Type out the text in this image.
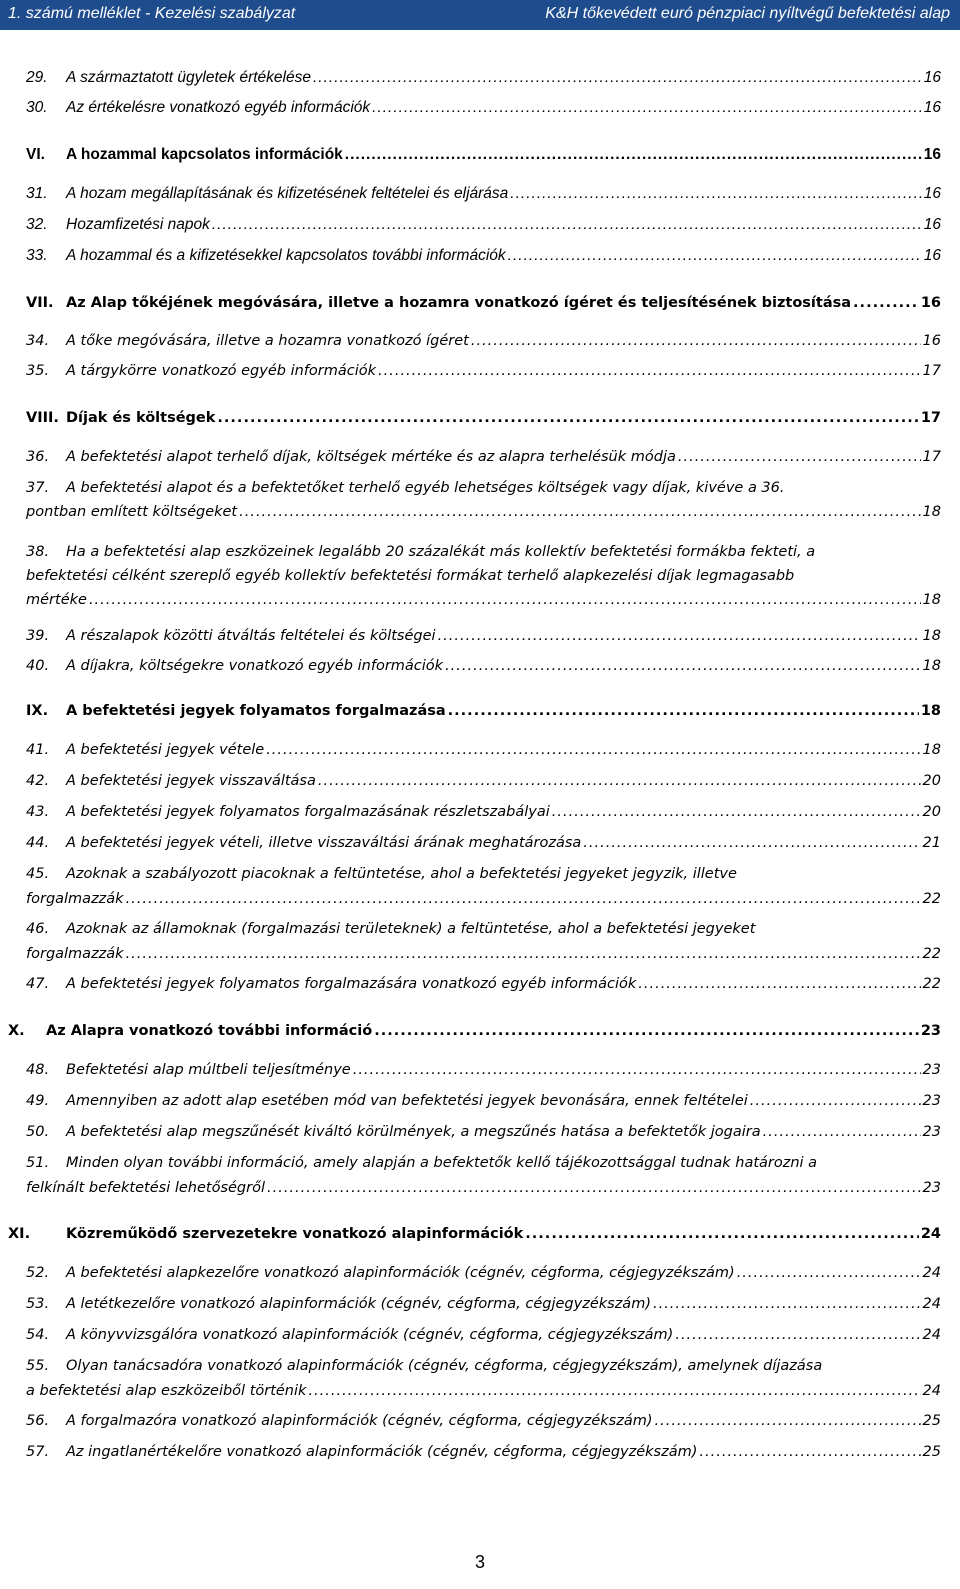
1. számú melléklet - Kezelési szabályzat	K&H tőkevédett euró pénzpiaci nyíltvégű befektetési alap
29.	A származtatott ügyletek értékelése .....	16
30.	Az értékelésre vonatkozó egyéb információk .....	16
VI.	A hozammal kapcsolatos információk .....	16
31.	A hozam megállapításának és kifizetésének feltételei és eljárása .....	16
32.	Hozamfizetési napok .....	16
33.	A hozammal és a kifizetésekkel kapcsolatos további információk .....	16
VII. Az Alap tőkéjének megóvására, illetve a hozamra vonatkozó ígéret és teljesítésének biztosítása .....	16
34.	A tőke megóvására, illetve a hozamra vonatkozó ígéret .....	16
35.	A tárgykörre vonatkozó egyéb információk .....	17
VIII. Díjak és költségek .....	17
36.	A befektetési alapot terhelő díjak, költségek mértéke és az alapra terhelésük módja .....	17
37.	A befektetési alapot és a befektetőket terhelő egyéb lehetséges költségek vagy díjak, kivéve a 36.
pontban említett költségeket .....	18
38.	Ha a befektetési alap eszközeinek legalább 20 százalékát más kollektív befektetési formákba fekteti, a
befektetési célként szereplő egyéb kollektív befektetési formákat terhelő alapkezelési díjak legmagasabb
mértéke .....	18
39.	A részalapok közötti átváltás feltételei és költségei .....	18
40.	A díjakra, költségekre vonatkozó egyéb információk .....	18
IX.	A befektetési jegyek folyamatos forgalmazása .....	18
41.	A befektetési jegyek vétele .....	18
42.	A befektetési jegyek visszaváltása .....	20
43.	A befektetési jegyek folyamatos forgalmazásának részletszabályai .....	20
44.	A befektetési jegyek vételi, illetve visszaváltási árának meghatározása .....	21
45.	Azoknak a szabályozott piacoknak a feltüntetése, ahol a befektetési jegyeket jegyzik, illetve
forgalmazzák .....	22
46.	Azoknak az államoknak (forgalmazási területeknek) a feltüntetése, ahol a befektetési jegyeket
forgalmazzák .....	22
47.	A befektetési jegyek folyamatos forgalmazására vonatkozó egyéb információk .....	22
X.	Az Alapra vonatkozó további információ .....	23
48.	Befektetési alap múltbeli teljesítménye .....	23
49.	Amennyiben az adott alap esetében mód van befektetési jegyek bevonására, ennek feltételei .....	23
50.	A befektetési alap megszűnését kiváltó körülmények, a megszűnés hatása a befektetők jogaira .....	23
51.	Minden olyan további információ, amely alapján a befektetők kellő tájékozottsággal tudnak határozni a
felkínált befektetési lehetőségről .....	23
XI.	Közreműködő szervezetekre vonatkozó alapinformációk .....	24
52.	A befektetési alapkezelőre vonatkozó alapinformációk (cégnév, cégforma, cégjegyzékszám) .....	24
53.	A letétkezelőre vonatkozó alapinformációk (cégnév, cégforma, cégjegyzékszám) .....	24
54.	A könyvvizsgálóra vonatkozó alapinformációk (cégnév, cégforma, cégjegyzékszám) .....	24
55.	Olyan tanácsadóra vonatkozó alapinformációk (cégnév, cégforma, cégjegyzékszám), amelynek díjazása
a befektetési alap eszközeiből történik .....	24
56.	A forgalmazóra vonatkozó alapinformációk (cégnév, cégforma, cégjegyzékszám) .....	25
57.	Az ingatlanértékelőre vonatkozó alapinformációk (cégnév, cégforma, cégjegyzékszám) .....	25
3
